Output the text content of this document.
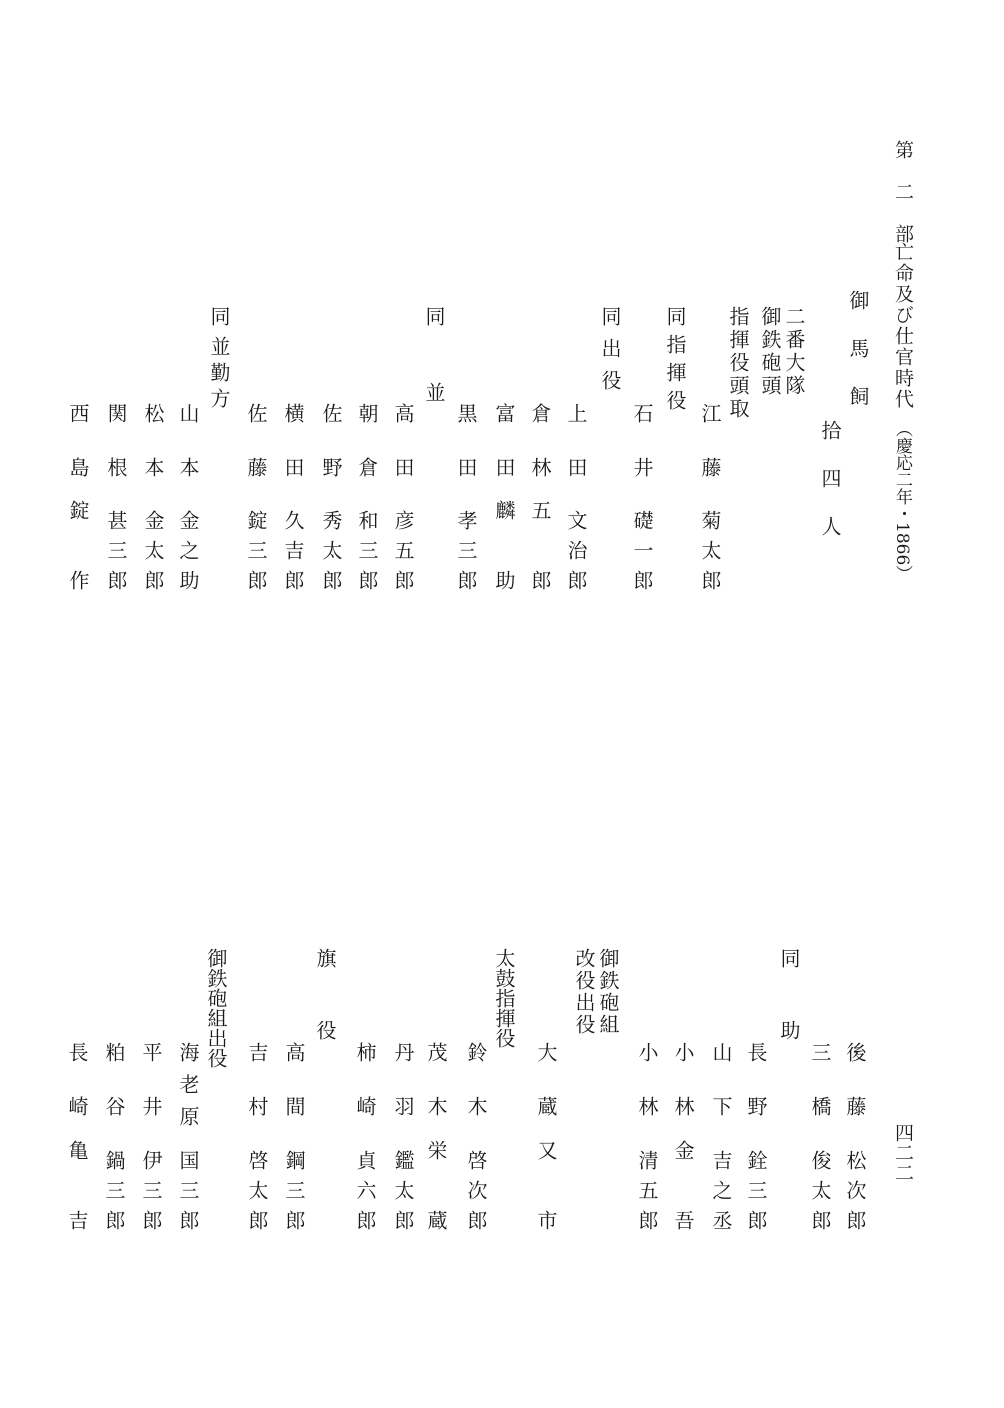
第　二　部
亡命及び仕官時代
（慶応二年・1866）
四二二
御　馬　飼
拾　四　人
二番大隊
御鉄砲頭
指揮役頭取
同指揮役
同出役
同
並
同
並勤方
江藤
菊太郎
石井
礎一郎
上田
文治郎
倉林
五郎
富田
麟助
黒田
孝三郎
高田
彦五郎
朝倉
和三郎
佐野
秀太郎
横田
久吉郎
佐藤
錠三郎
山本
金之助
松本
金太郎
関根
甚三郎
西島
錠作
同
助
御鉄砲組
改役出役
太鼓指揮役
旗
役
御鉄砲組出役
後藤
松次郎
三橋
俊太郎
長野
銓三郎
山下
吉之丞
小林
金吾
小林
清五郎
大蔵
又市
鈴木
啓次郎
茂木
栄蔵
丹羽
鑑太郎
柿崎
貞六郎
高間
鋼三郎
吉村
啓太郎
海老原
国三郎
平井
伊三郎
粕谷
鍋三郎
長崎
亀吉
